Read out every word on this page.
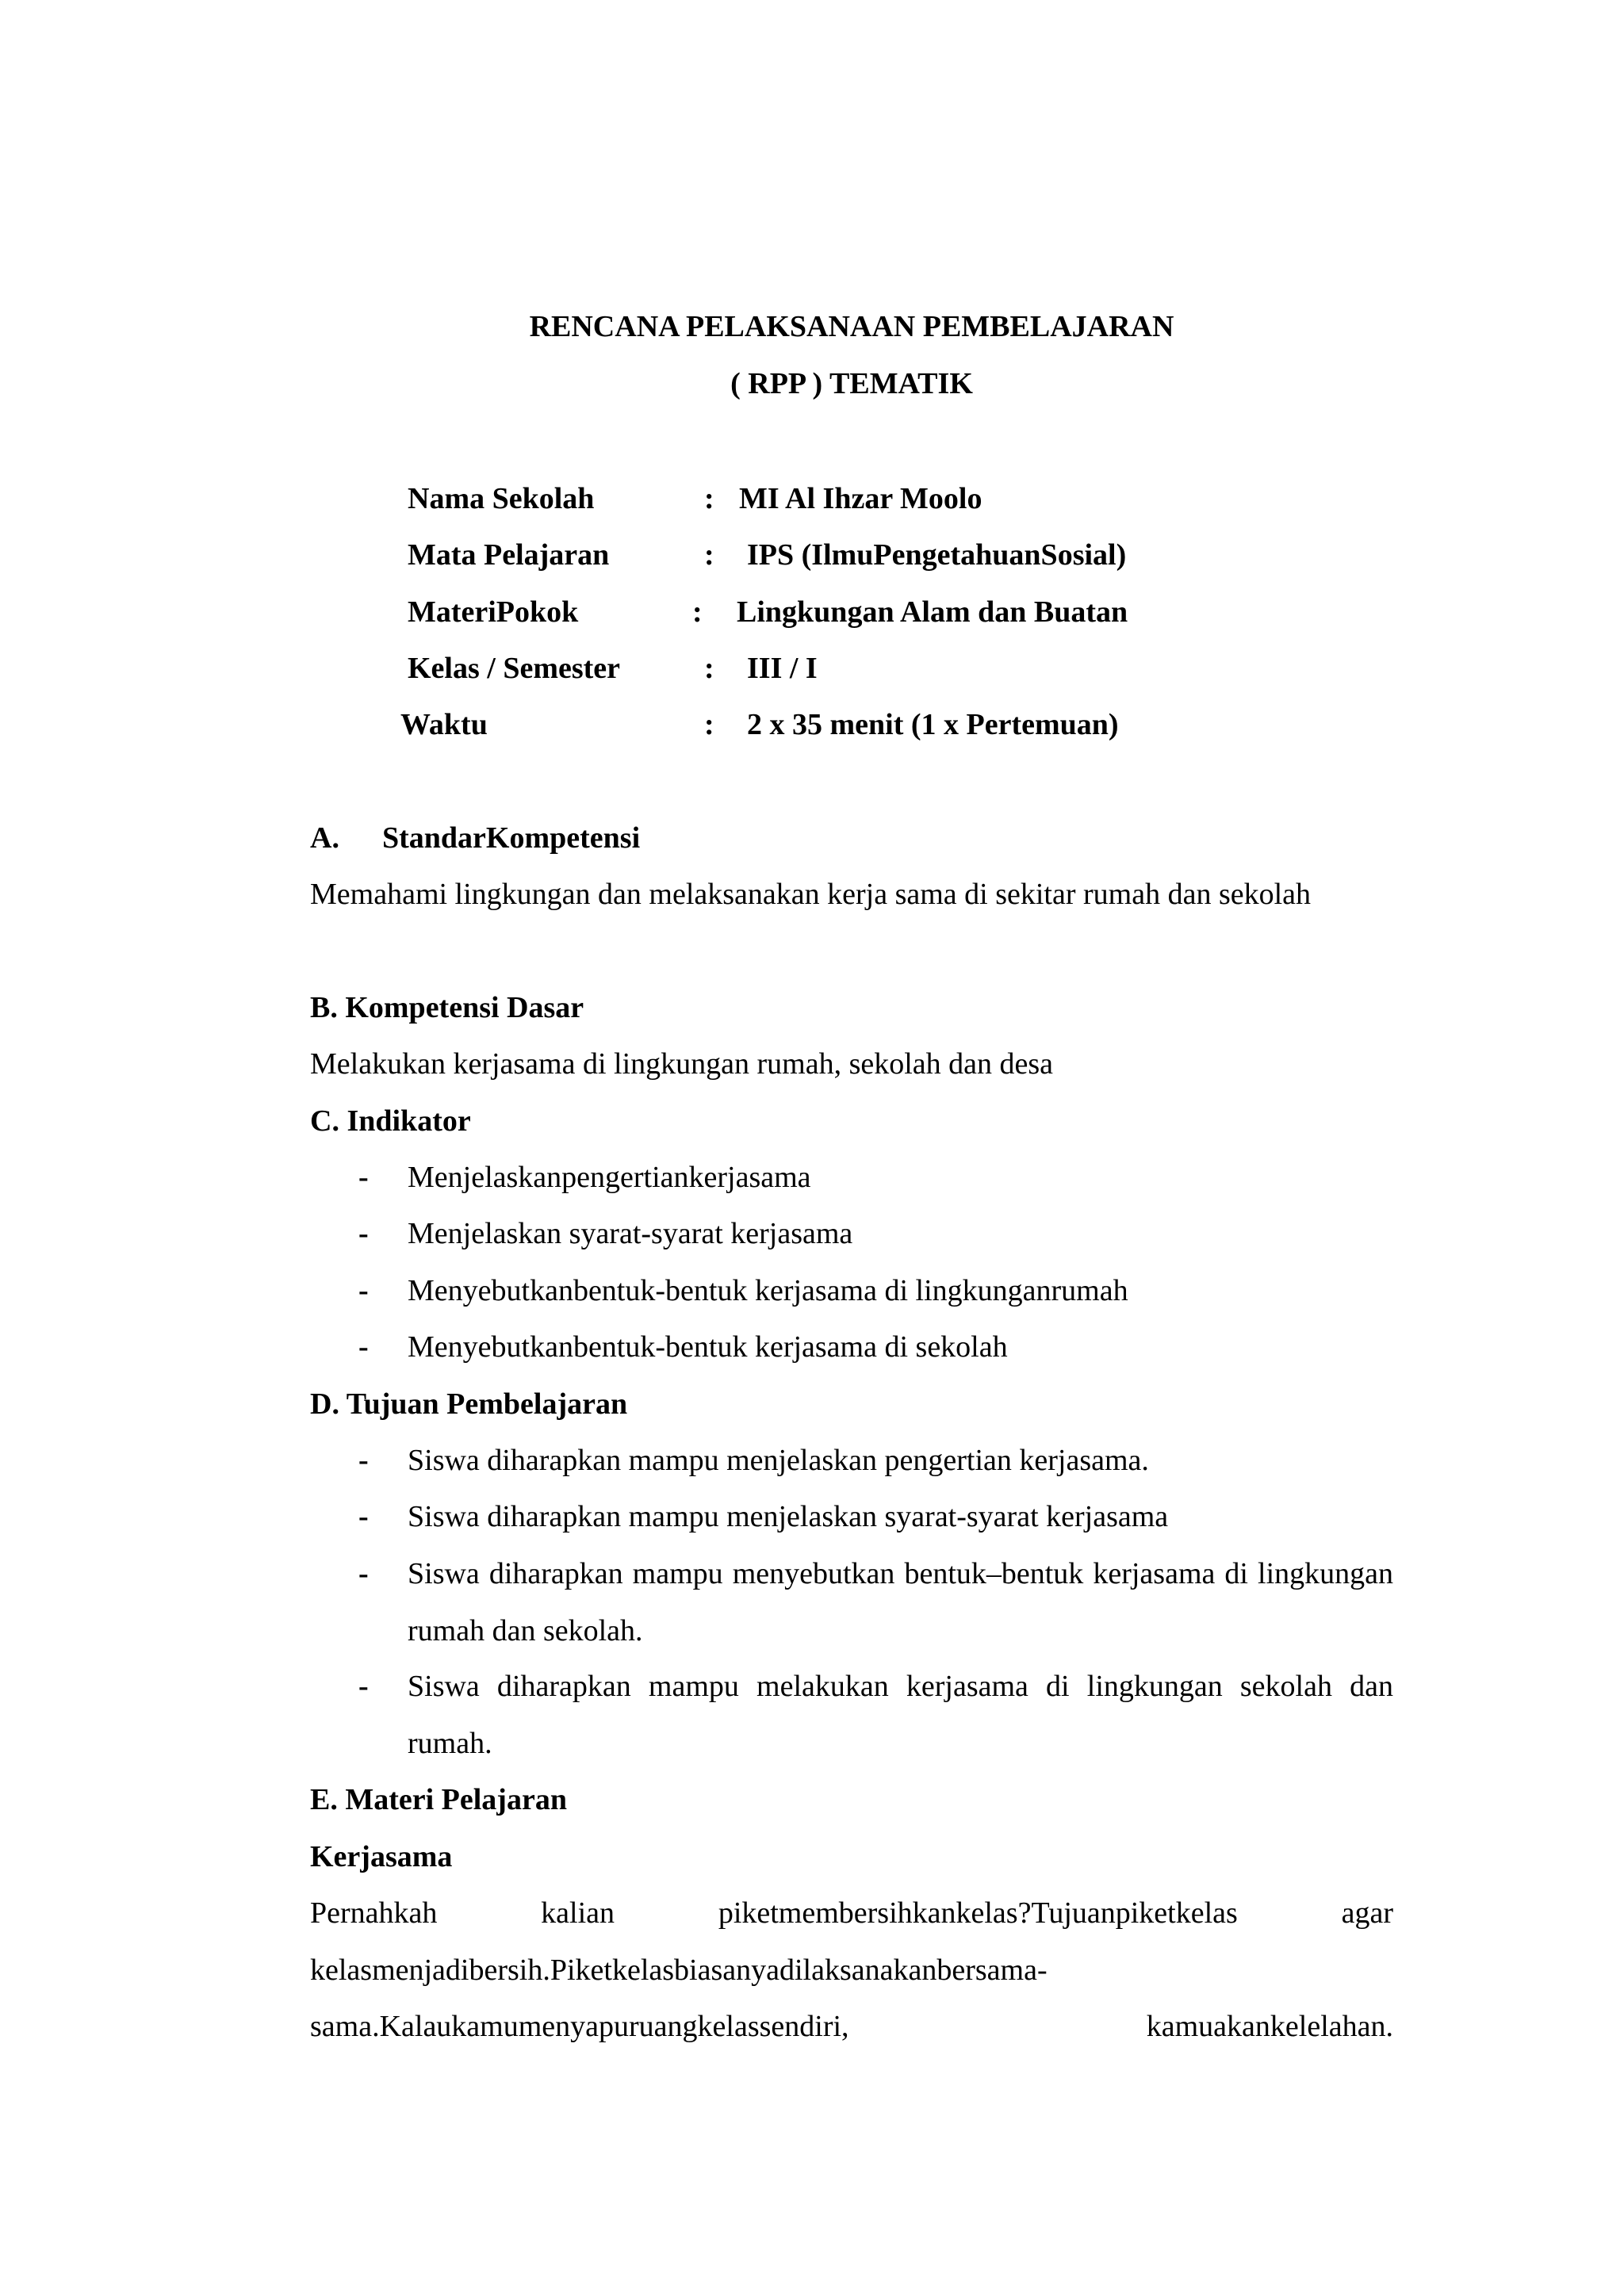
RENCANA PELAKSANAAN PEMBELAJARAN
( RPP ) TEMATIK
Nama Sekolah	: MI Al Ihzar Moolo
Mata Pelajaran	: IPS (IlmuPengetahuanSosial)
MateriPokok	: Lingkungan Alam dan Buatan
Kelas / Semester	: III / I
Waktu	: 2 x 35 menit (1 x Pertemuan)
A. StandarKompetensi
Memahami lingkungan dan melaksanakan kerja sama di sekitar rumah dan sekolah
B. Kompetensi Dasar
Melakukan kerjasama di lingkungan rumah, sekolah dan desa
C. Indikator
- Menjelaskanpengertiankerjasama
- Menjelaskan syarat-syarat kerjasama
- Menyebutkanbentuk-bentuk kerjasama di lingkunganrumah
- Menyebutkanbentuk-bentuk kerjasama di sekolah
D. Tujuan Pembelajaran
- Siswa diharapkan mampu menjelaskan pengertian kerjasama.
- Siswa diharapkan mampu menjelaskan syarat-syarat kerjasama
- Siswa diharapkan mampu menyebutkan bentuk–bentuk kerjasama di lingkungan rumah dan sekolah.
- Siswa diharapkan mampu melakukan kerjasama di lingkungan sekolah dan rumah.
E. Materi Pelajaran
Kerjasama
Pernahkah	kalian	piketmembersihkankelas?Tujuanpiketkelas	agar
kelasmenjadibersih.Piketkelasbiasanyadilaksanakanbersama-
sama.Kalaukamumenyapuruangkelassendiri,	kamuakankelelahan.
